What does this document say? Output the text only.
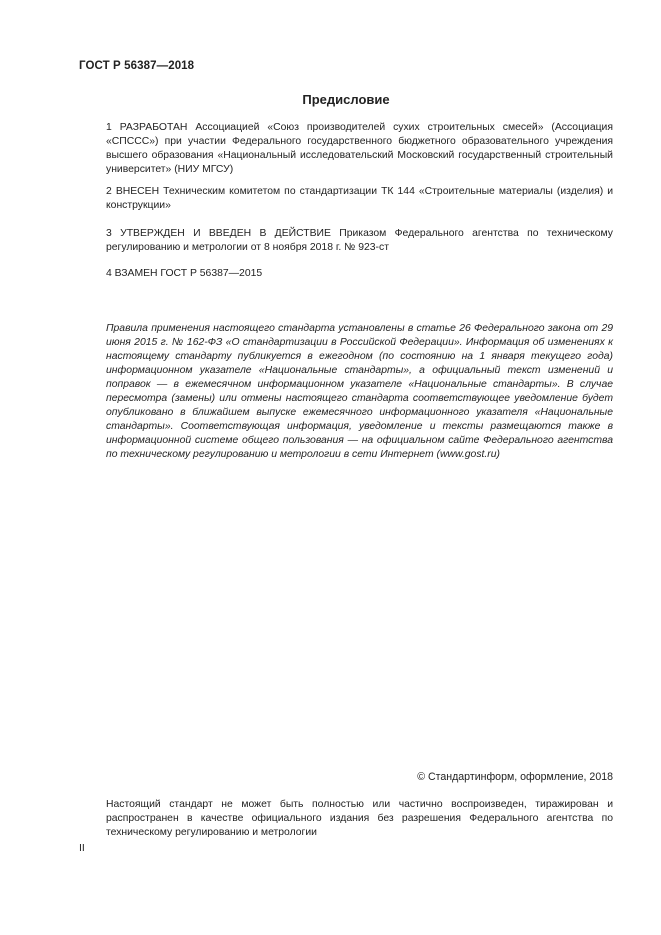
ГОСТ Р 56387—2018
Предисловие
1 РАЗРАБОТАН Ассоциацией «Союз производителей сухих строительных смесей» (Ассоциация «СПСCC») при участии Федерального государственного бюджетного образовательного учреждения высшего образования «Национальный исследовательский Московский государственный строительный университет» (НИУ МГСУ)
2 ВНЕСЕН Техническим комитетом по стандартизации ТК 144 «Строительные материалы (изделия) и конструкции»
3 УТВЕРЖДЕН И ВВЕДЕН В ДЕЙСТВИЕ Приказом Федерального агентства по техническому регулированию и метрологии от 8 ноября 2018 г. № 923-ст
4 ВЗАМЕН ГОСТ Р 56387—2015
Правила применения настоящего стандарта установлены в статье 26 Федерального закона от 29 июня 2015 г. № 162-ФЗ «О стандартизации в Российской Федерации». Информация об изменениях к настоящему стандарту публикуется в ежегодном (по состоянию на 1 января текущего года) информационном указателе «Национальные стандарты», а официальный текст изменений и поправок — в ежемесячном информационном указателе «Национальные стандарты». В случае пересмотра (замены) или отмены настоящего стандарта соответствующее уведомление будет опубликовано в ближайшем выпуске ежемесячного информационного указателя «Национальные стандарты». Соответствующая информация, уведомление и тексты размещаются также в информационной системе общего пользования — на официальном сайте Федерального агентства по техническому регулированию и метрологии в сети Интернет (www.gost.ru)
© Стандартинформ, оформление, 2018
Настоящий стандарт не может быть полностью или частично воспроизведен, тиражирован и распространен в качестве официального издания без разрешения Федерального агентства по техническому регулированию и метрологии
II
